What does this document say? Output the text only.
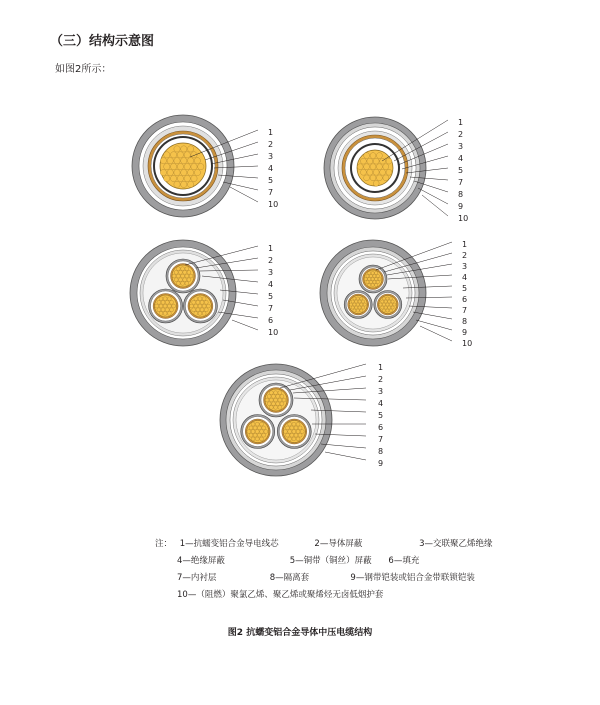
（三）结构示意图
如图2所示：
1
2
3
4
5
7
10
1
2
3
4
5
7
8
9
10
1
2
3
4
5
7
6
10
1
2
3
4
5
6
7
8
9
10
1
2
3
4
5
6
7
8
9
注： 1—抗蠕变铝合金导电线芯	2—导体屏蔽	3—交联聚乙烯绝缘
4—绝缘屏蔽	5—铜带（铜丝）屏蔽 6—填充
7—内衬层	8—隔离套	9—钢带铠装或铝合金带联锁铠装
10—（阻燃）聚氯乙烯、聚乙烯或聚烯烃无卤低烟护套
图2 抗蠕变铝合金导体中压电缆结构
